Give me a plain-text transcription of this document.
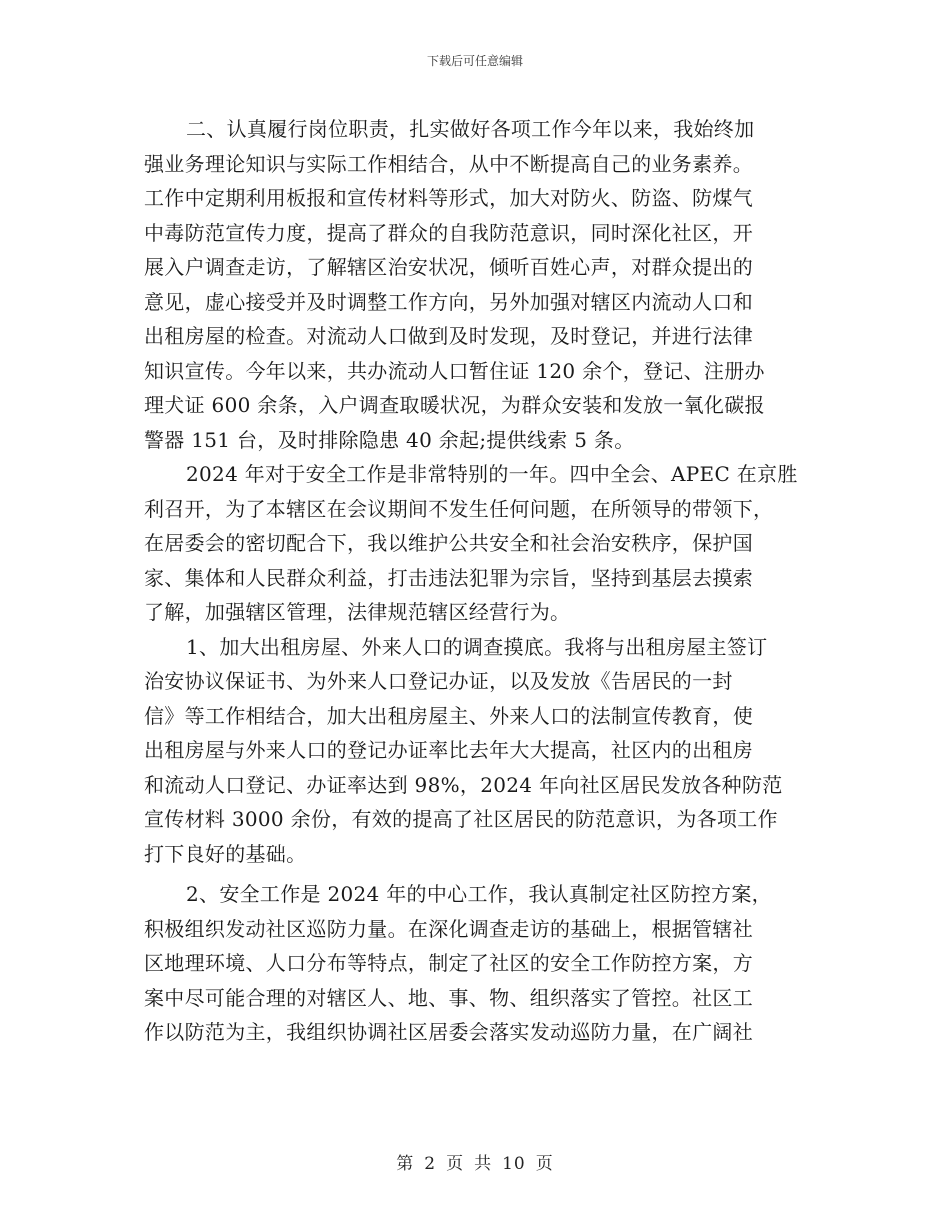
下载后可任意编辑
二、认真履行岗位职责，扎实做好各项工作今年以来，我始终加
强业务理论知识与实际工作相结合，从中不断提高自己的业务素养。
工作中定期利用板报和宣传材料等形式，加大对防火、防盗、防煤气
中毒防范宣传力度，提高了群众的自我防范意识，同时深化社区，开
展入户调查走访，了解辖区治安状况，倾听百姓心声，对群众提出的
意见，虚心接受并及时调整工作方向，另外加强对辖区内流动人口和
出租房屋的检查。对流动人口做到及时发现，及时登记，并进行法律
知识宣传。今年以来，共办流动人口暂住证 120 余个，登记、注册办
理犬证 600 余条，入户调查取暖状况，为群众安装和发放一氧化碳报
警器 151 台，及时排除隐患 40 余起;提供线索 5 条。
2024 年对于安全工作是非常特别的一年。四中全会、APEC 在京胜
利召开，为了本辖区在会议期间不发生任何问题，在所领导的带领下，
在居委会的密切配合下，我以维护公共安全和社会治安秩序，保护国
家、集体和人民群众利益，打击违法犯罪为宗旨，坚持到基层去摸索
了解，加强辖区管理，法律规范辖区经营行为。
1、加大出租房屋、外来人口的调查摸底。我将与出租房屋主签订
治安协议保证书、为外来人口登记办证，以及发放《告居民的一封
信》等工作相结合，加大出租房屋主、外来人口的法制宣传教育，使
出租房屋与外来人口的登记办证率比去年大大提高，社区内的出租房
和流动人口登记、办证率达到 98%，2024 年向社区居民发放各种防范
宣传材料 3000 余份，有效的提高了社区居民的防范意识，为各项工作
打下良好的基础。
2、安全工作是 2024 年的中心工作，我认真制定社区防控方案，
积极组织发动社区巡防力量。在深化调查走访的基础上，根据管辖社
区地理环境、人口分布等特点，制定了社区的安全工作防控方案，方
案中尽可能合理的对辖区人、地、事、物、组织落实了管控。社区工
作以防范为主，我组织协调社区居委会落实发动巡防力量，在广阔社
第 2 页 共 10 页
